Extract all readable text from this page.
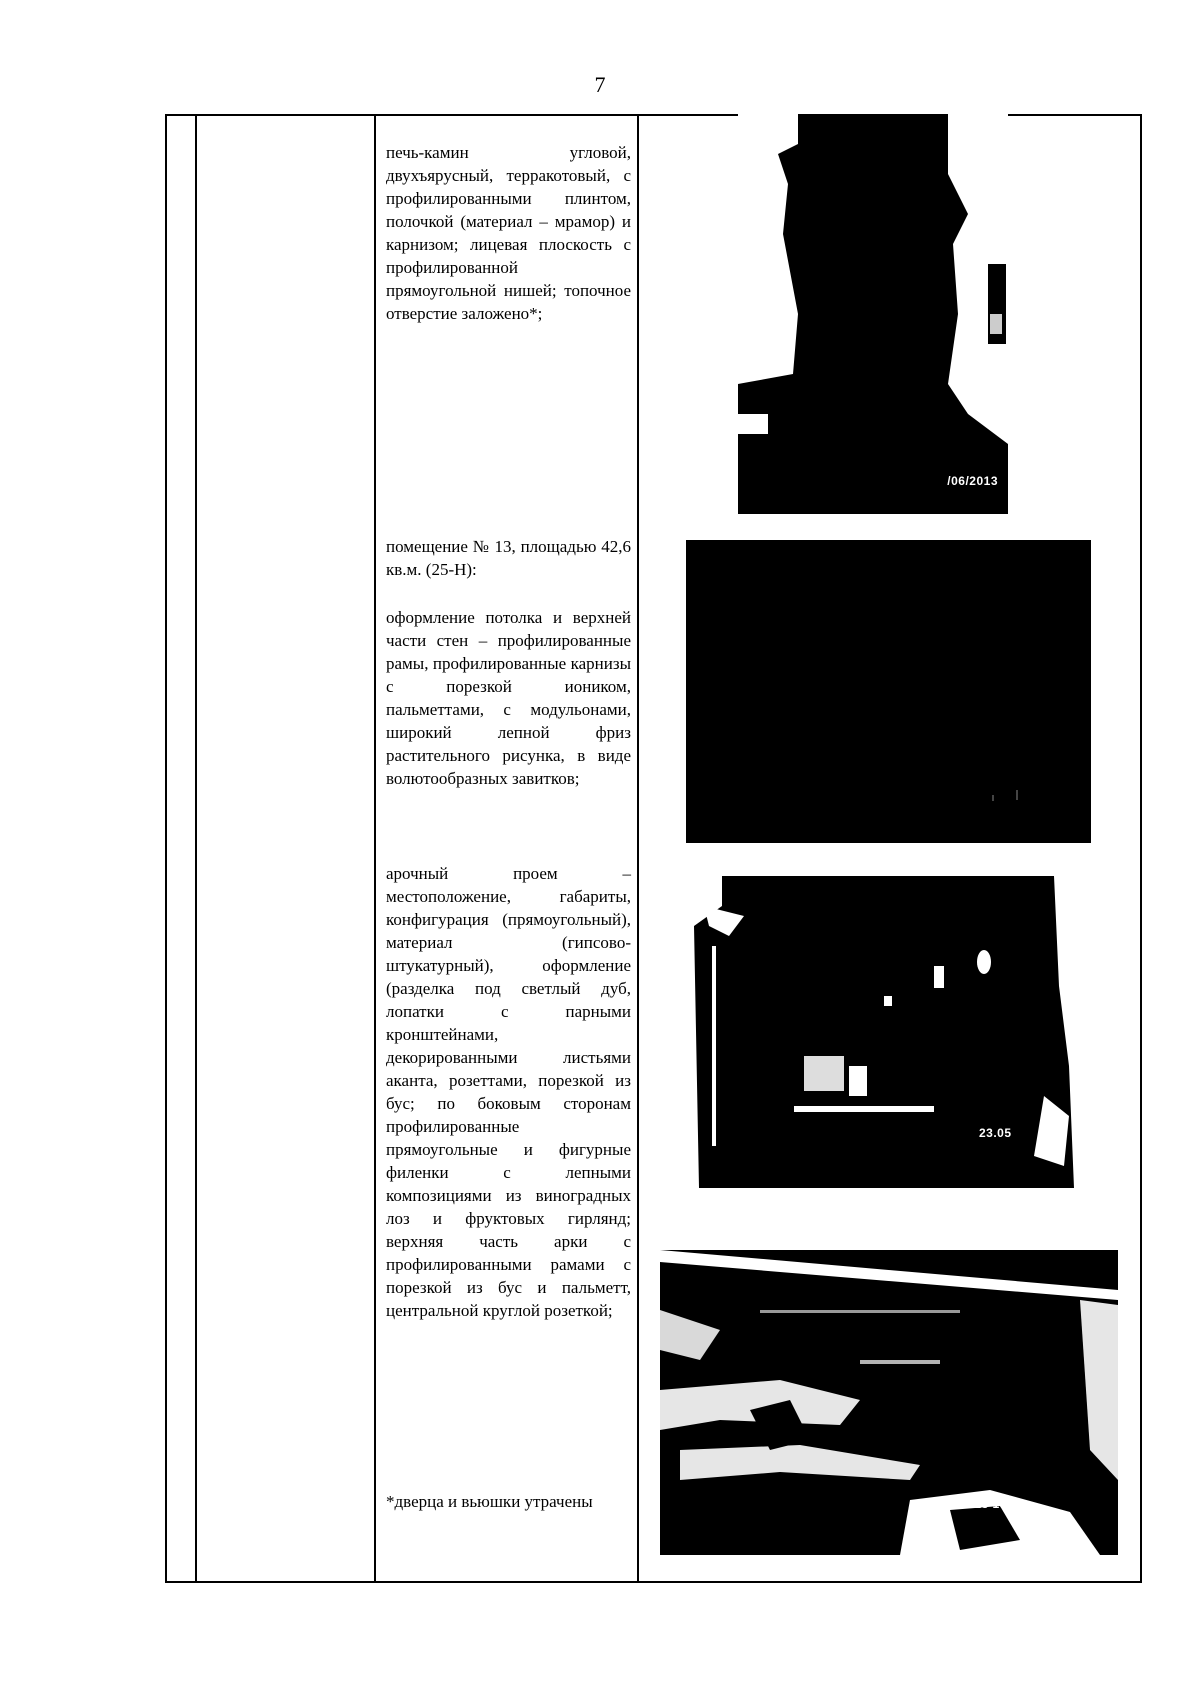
7

печь-камин угловой, двухъярусный, терракотовый, с профилированными плинтом, полочкой (материал – мрамор) и карнизом; лицевая плоскость с профилированной прямоугольной нишей; топочное отверстие заложено*;

помещение № 13, площадью 42,6 кв.м. (25-Н):

оформление потолка и верхней части стен – профилированные рамы, профилированные карнизы с порезкой иоником, пальметтами, с модульонами, широкий лепной фриз растительного рисунка, в виде волютообразных завитков;

арочный проем – местоположение, габариты, конфигурация (прямоугольный), материал (гипсово-штукатурный), оформление (разделка под светлый дуб, лопатки с парными кронштейнами, декорированными листьями аканта, розеттами, порезкой из бус; по боковым сторонам профилированные прямоугольные и фигурные филенки с лепными композициями из виноградных лоз и фруктовых гирлянд; верхняя часть арки с профилированными рамами с порезкой из бус и пальметт, центральной круглой розеткой;

*дверца и вьюшки утрачены

/06/2013
23.05
2013 13:24
